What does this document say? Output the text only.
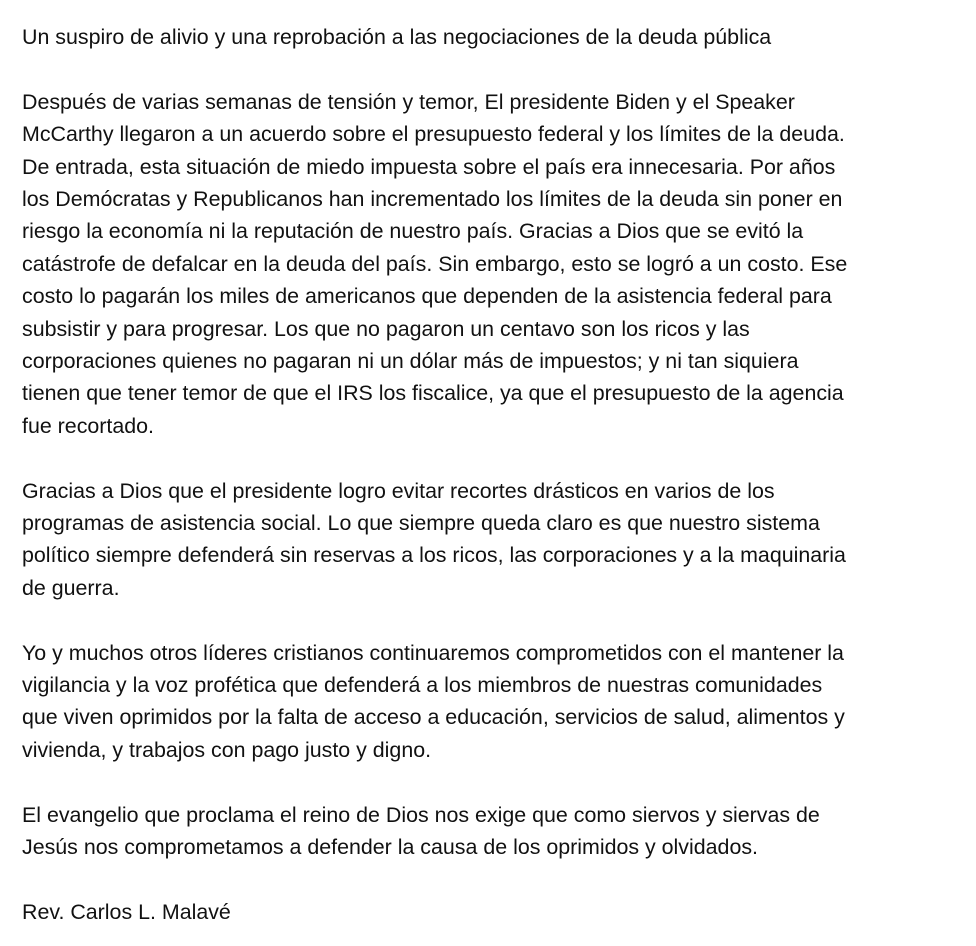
Un suspiro de alivio y una reprobación a las negociaciones de la deuda pública
Después de varias semanas de tensión y temor, El presidente Biden y el Speaker
McCarthy llegaron a un acuerdo sobre el presupuesto federal y los límites de la deuda.
De entrada, esta situación de miedo impuesta sobre el país era innecesaria. Por años
los Demócratas y Republicanos han incrementado los límites de la deuda sin poner en
riesgo la economía ni la reputación de nuestro país. Gracias a Dios que se evitó la
catástrofe de defalcar en la deuda del país. Sin embargo, esto se logró a un costo. Ese
costo lo pagarán los miles de americanos que dependen de la asistencia federal para
subsistir y para progresar. Los que no pagaron un centavo son los ricos y las
corporaciones quienes no pagaran ni un dólar más de impuestos; y ni tan siquiera
tienen que tener temor de que el IRS los fiscalice, ya que el presupuesto de la agencia
fue recortado.
Gracias a Dios que el presidente logro evitar recortes drásticos en varios de los
programas de asistencia social. Lo que siempre queda claro es que nuestro sistema
político siempre defenderá sin reservas a los ricos, las corporaciones y a la maquinaria
de guerra.
Yo y muchos otros líderes cristianos continuaremos comprometidos con el mantener la
vigilancia y la voz profética que defenderá a los miembros de nuestras comunidades
que viven oprimidos por la falta de acceso a educación, servicios de salud, alimentos y
vivienda, y trabajos con pago justo y digno.
El evangelio que proclama el reino de Dios nos exige que como siervos y siervas de
Jesús nos comprometamos a defender la causa de los oprimidos y olvidados.

Rev. Carlos L. Malavé
